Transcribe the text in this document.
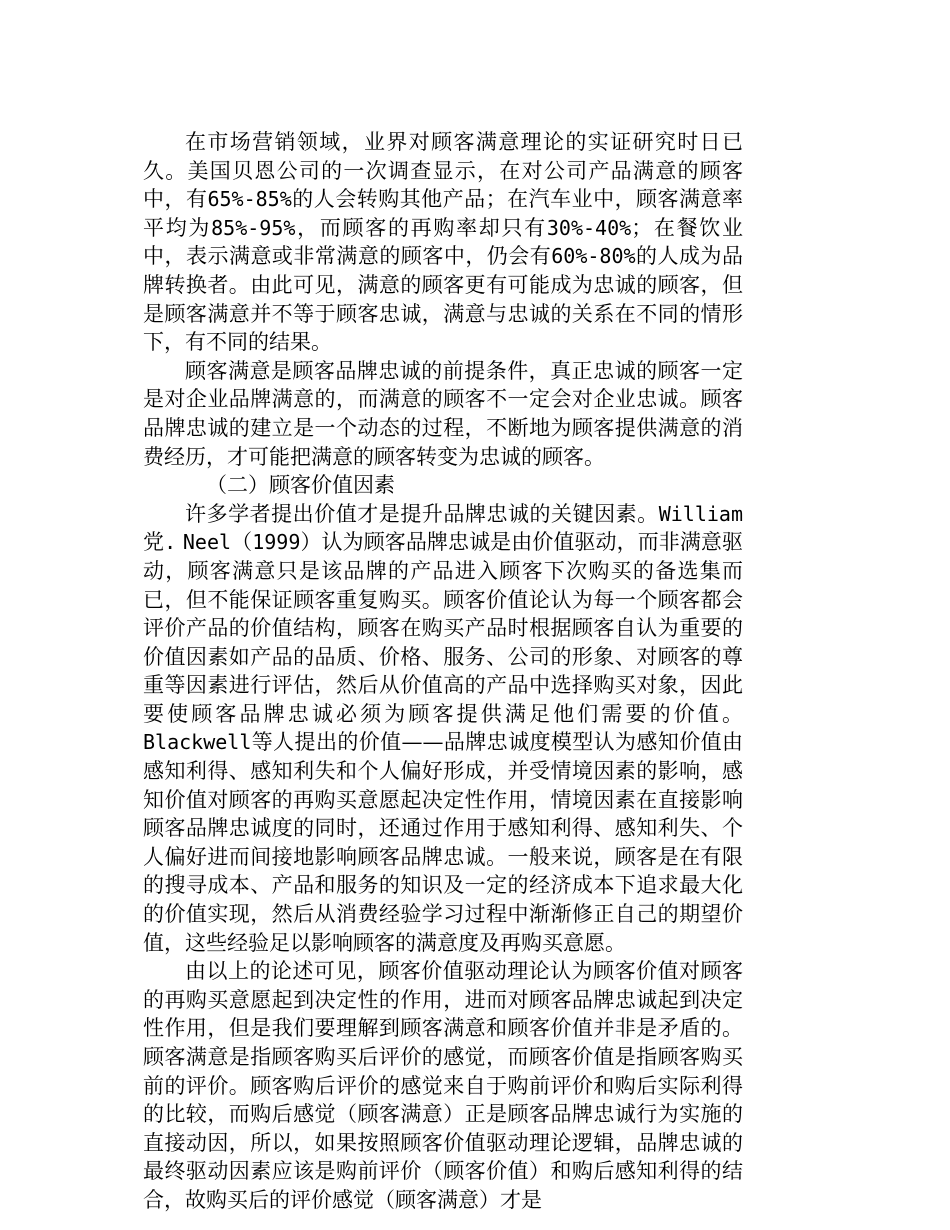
在市场营销领域，业界对顾客满意理论的实证研究时日已久。美国贝恩公司的一次调查显示，在对公司产品满意的顾客中，有65%-85%的人会转购其他产品；在汽车业中，顾客满意率平均为85%-95%，而顾客的再购率却只有30%-40%；在餐饮业中，表示满意或非常满意的顾客中，仍会有60%-80%的人成为品牌转换者。由此可见，满意的顾客更有可能成为忠诚的顾客，但是顾客满意并不等于顾客忠诚，满意与忠诚的关系在不同的情形下，有不同的结果。

顾客满意是顾客品牌忠诚的前提条件，真正忠诚的顾客一定是对企业品牌满意的，而满意的顾客不一定会对企业忠诚。顾客品牌忠诚的建立是一个动态的过程，不断地为顾客提供满意的消费经历，才可能把满意的顾客转变为忠诚的顾客。

（二）顾客价值因素

许多学者提出价值才是提升品牌忠诚的关键因素。William 党. Neel（1999）认为顾客品牌忠诚是由价值驱动，而非满意驱动，顾客满意只是该品牌的产品进入顾客下次购买的备选集而已，但不能保证顾客重复购买。顾客价值论认为每一个顾客都会评价产品的价值结构，顾客在购买产品时根据顾客自认为重要的价值因素如产品的品质、价格、服务、公司的形象、对顾客的尊重等因素进行评估，然后从价值高的产品中选择购买对象，因此要使顾客品牌忠诚必须为顾客提供满足他们需要的价值。Blackwell等人提出的价值——品牌忠诚度模型认为感知价值由感知利得、感知利失和个人偏好形成，并受情境因素的影响，感知价值对顾客的再购买意愿起决定性作用，情境因素在直接影响顾客品牌忠诚度的同时，还通过作用于感知利得、感知利失、个人偏好进而间接地影响顾客品牌忠诚。一般来说，顾客是在有限的搜寻成本、产品和服务的知识及一定的经济成本下追求最大化的价值实现，然后从消费经验学习过程中渐渐修正自己的期望价值，这些经验足以影响顾客的满意度及再购买意愿。

由以上的论述可见，顾客价值驱动理论认为顾客价值对顾客的再购买意愿起到决定性的作用，进而对顾客品牌忠诚起到决定性作用，但是我们要理解到顾客满意和顾客价值并非是矛盾的。顾客满意是指顾客购买后评价的感觉，而顾客价值是指顾客购买前的评价。顾客购后评价的感觉来自于购前评价和购后实际利得的比较，而购后感觉（顾客满意）正是顾客品牌忠诚行为实施的直接动因，所以，如果按照顾客价值驱动理论逻辑，品牌忠诚的最终驱动因素应该是购前评价（顾客价值）和购后感知利得的结合，故购买后的评价感觉（顾客满意）才是
